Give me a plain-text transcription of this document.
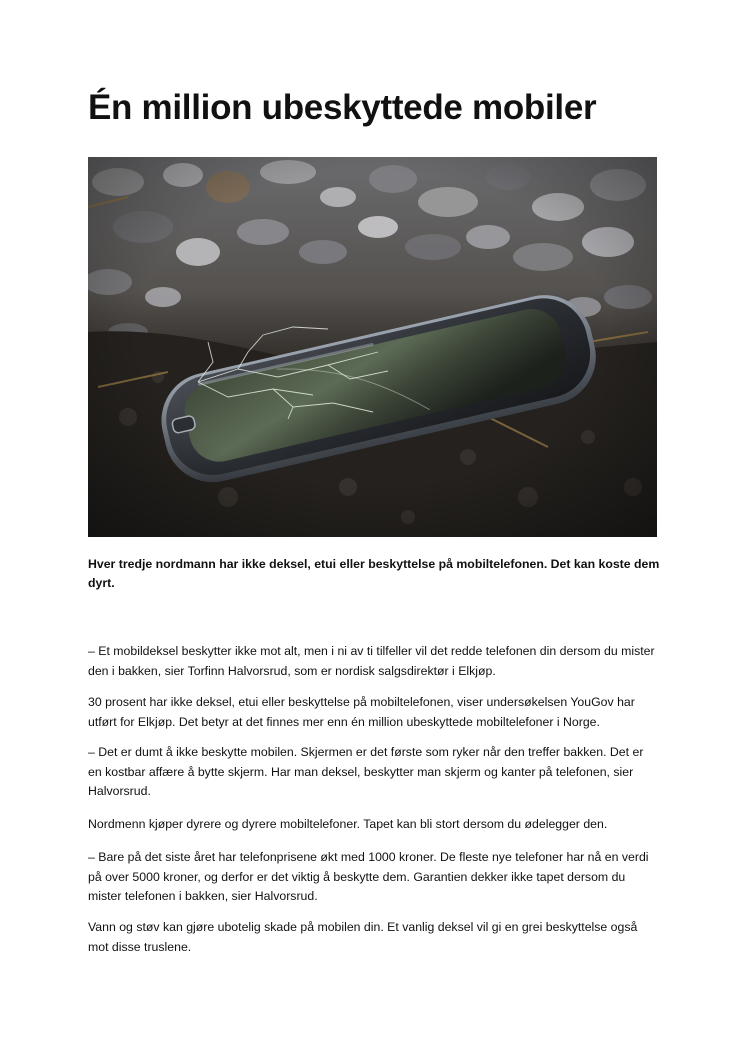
Én million ubeskyttede mobiler

Hver tredje nordmann har ikke deksel, etui eller beskyttelse på mobiltelefonen. Det kan koste dem dyrt.

– Et mobildeksel beskytter ikke mot alt, men i ni av ti tilfeller vil det redde telefonen din dersom du mister den i bakken, sier Torfinn Halvorsrud, som er nordisk salgsdirektør i Elkjøp.

30 prosent har ikke deksel, etui eller beskyttelse på mobiltelefonen, viser undersøkelsen YouGov har utført for Elkjøp. Det betyr at det finnes mer enn én million ubeskyttede mobiltelefoner i Norge.

– Det er dumt å ikke beskytte mobilen. Skjermen er det første som ryker når den treffer bakken. Det er en kostbar affære å bytte skjerm. Har man deksel, beskytter man skjerm og kanter på telefonen, sier Halvorsrud.

Nordmenn kjøper dyrere og dyrere mobiltelefoner. Tapet kan bli stort dersom du ødelegger den.

– Bare på det siste året har telefonprisene økt med 1000 kroner. De fleste nye telefoner har nå en verdi på over 5000 kroner, og derfor er det viktig å beskytte dem. Garantien dekker ikke tapet dersom du mister telefonen i bakken, sier Halvorsrud.

Vann og støv kan gjøre ubotelig skade på mobilen din. Et vanlig deksel vil gi en grei beskyttelse også mot disse truslene.
